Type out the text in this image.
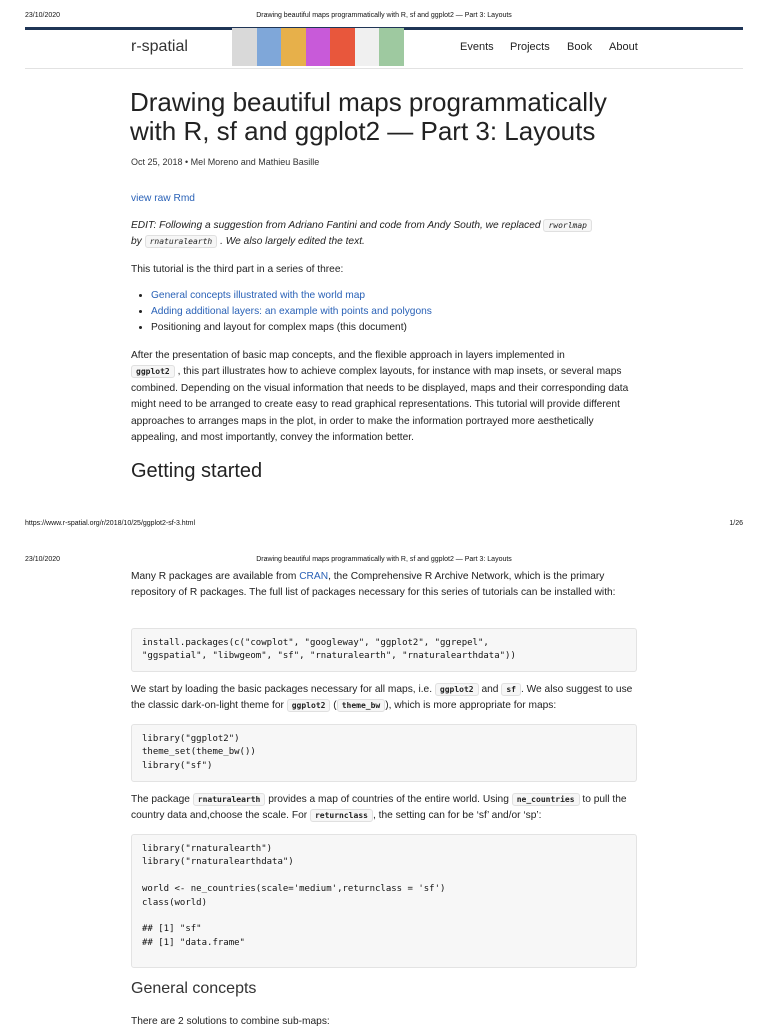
23/10/2020	Drawing beautiful maps programmatically with R, sf and ggplot2 — Part 3: Layouts
r-spatial	Events Projects Book About
Drawing beautiful maps programmatically with R, sf and ggplot2 — Part 3: Layouts
Oct 25, 2018 • Mel Moreno and Mathieu Basille
view raw Rmd

EDIT: Following a suggestion from Adriano Fantini and code from Andy South, we replaced rworlmap
by rnaturalearth . We also largely edited the text.

This tutorial is the third part in a series of three:

• General concepts illustrated with the world map
• Adding additional layers: an example with points and polygons
• Positioning and layout for complex maps (this document)

After the presentation of basic map concepts, and the flexible approach in layers implemented in
ggplot2 , this part illustrates how to achieve complex layouts, for instance with map insets, or several maps combined. Depending on the visual information that needs to be displayed, maps and their corresponding data might need to be arranged to create easy to read graphical representations. This tutorial will provide different approaches to arranges maps in the plot, in order to make the information portrayed more aesthetically appealing, and most importantly, convey the information better.

Getting started
https://www.r-spatial.org/r/2018/10/25/ggplot2-sf-3.html	1/26
23/10/2020	Drawing beautiful maps programmatically with R, sf and ggplot2 — Part 3: Layouts

Many R packages are available from CRAN, the Comprehensive R Archive Network, which is the primary repository of R packages. The full list of packages necessary for this series of tutorials can be installed with:

install.packages(c("cowplot", "googleway", "ggplot2", "ggrepel",
"ggspatial", "libwgeom", "sf", "rnaturalearth", "rnaturalearthdata"))

We start by loading the basic packages necessary for all maps, i.e. ggplot2 and sf . We also suggest to use the classic dark-on-light theme for ggplot2 ( theme_bw ), which is more appropriate for maps:

library("ggplot2")
theme_set(theme_bw())
library("sf")

The package rnaturalearth provides a map of countries of the entire world. Using ne_countries to pull the country data and,choose the scale. For returnclass , the setting can for be ‘sf’ and/or ‘sp’:

library("rnaturalearth")
library("rnaturalearthdata")
world <- ne_countries(scale='medium',returnclass = 'sf')
class(world)
## [1] "sf"
## [1] "data.frame"
General concepts

There are 2 solutions to combine sub-maps:
